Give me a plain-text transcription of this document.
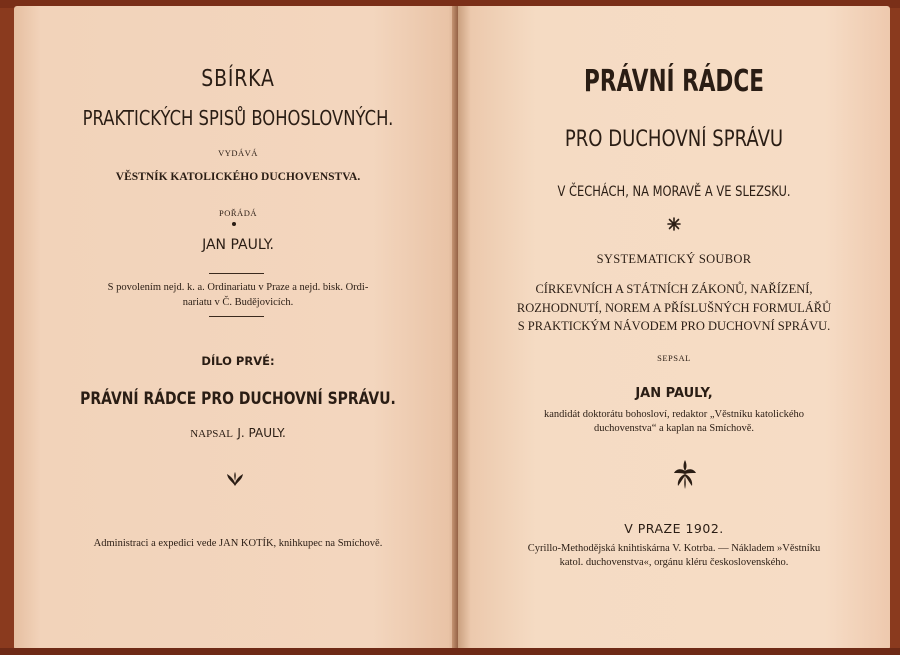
SBÍRKA
PRAKTICKÝCH SPISŮ BOHOSLOVNÝCH.
VYDÁVÁ
VĚSTNÍK KATOLICKÉHO DUCHOVENSTVA.
POŘÁDÁ
JAN PAULY.
S povolením nejd. k. a. Ordinariatu v Praze a nejd. bisk. Ordi-
nariatu v Č. Budějovicích.
DÍLO PRVÉ:
PRÁVNÍ RÁDCE PRO DUCHOVNÍ SPRÁVU.
NAPSAL J. PAULY.
Administraci a expedici vede JAN KOTÍK, knihkupec na Smíchově.
PRÁVNÍ RÁDCE
PRO DUCHOVNÍ SPRÁVU
V ČECHÁCH, NA MORAVĚ A VE SLEZSKU.
SYSTEMATICKÝ SOUBOR
CÍRKEVNÍCH A STÁTNÍCH ZÁKONŮ, NAŘÍZENÍ,
ROZHODNUTÍ, NOREM A PŘÍSLUŠNÝCH FORMULÁŘŮ
S PRAKTICKÝM NÁVODEM PRO DUCHOVNÍ SPRÁVU.
SEPSAL
JAN PAULY,
kandidát doktorátu bohosloví, redaktor „Věstníku katolického
duchovenstva“ a kaplan na Smíchově.
V PRAZE 1902.
Cyrillo-Methodějská knihtiskárna V. Kotrba. — Nákladem »Věstníku
katol. duchovenstva«, orgánu kléru československého.
